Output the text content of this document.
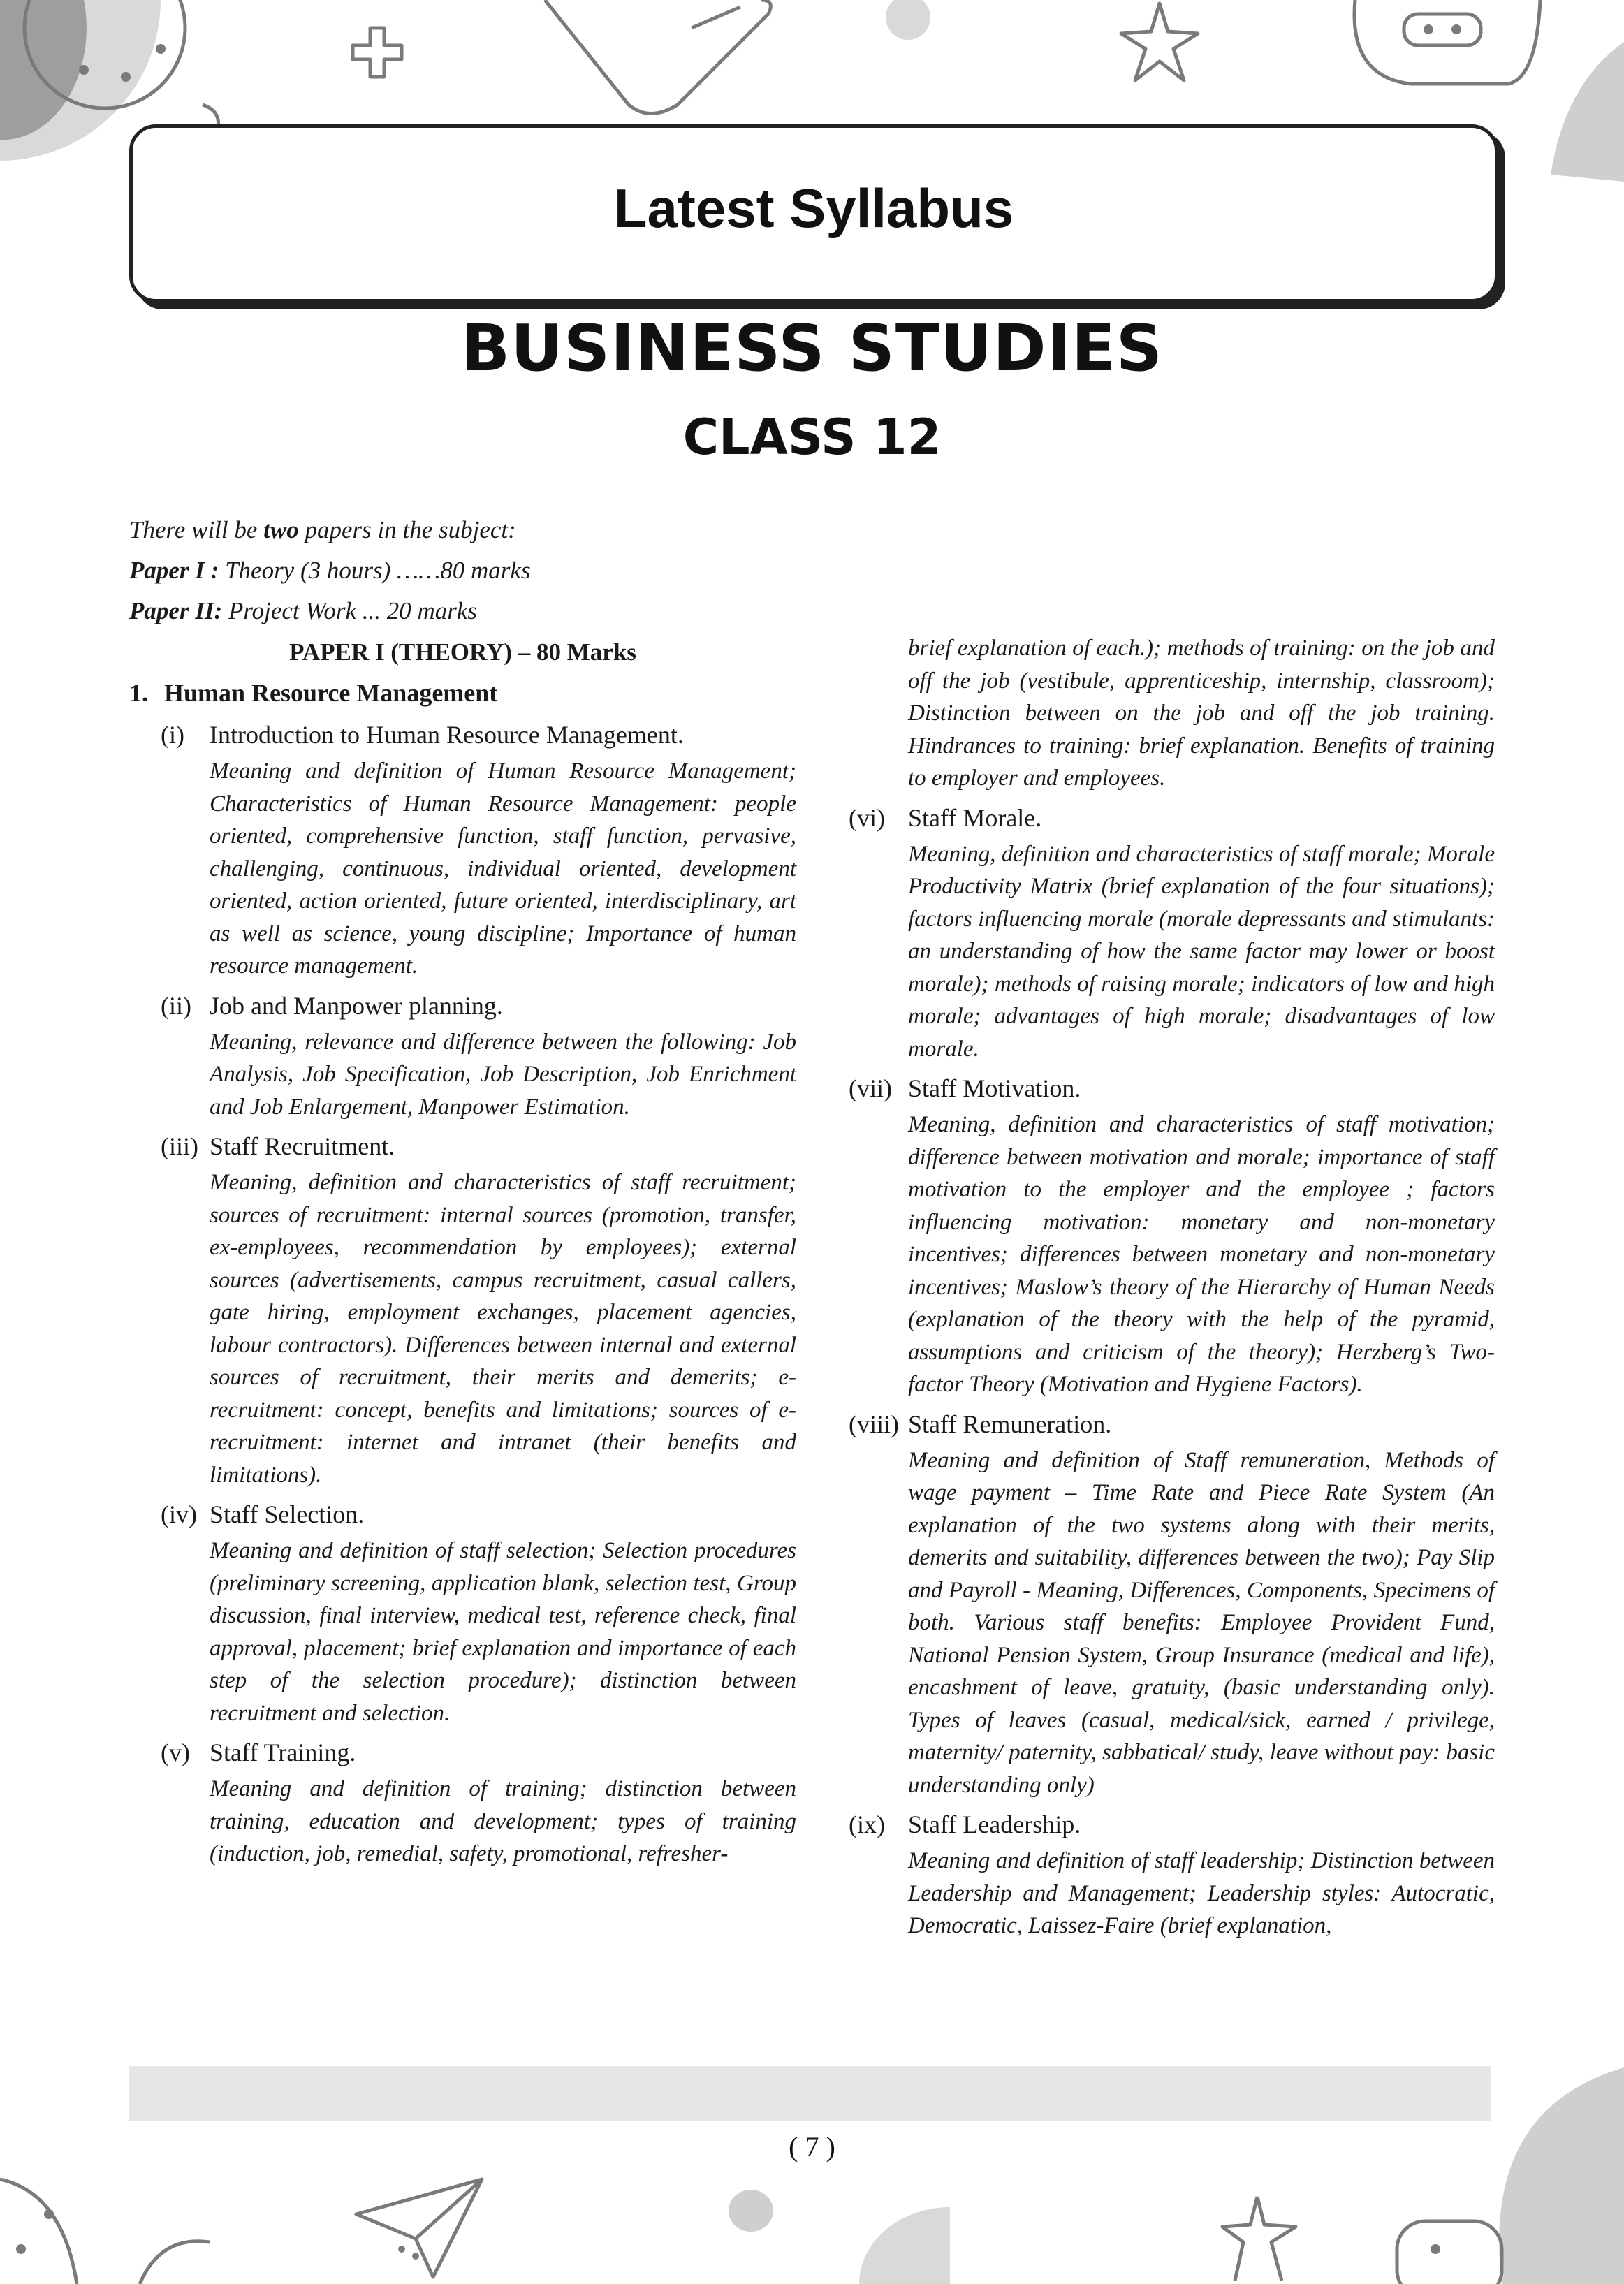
Latest Syllabus
BUSINESS STUDIES
CLASS 12

There will be two papers in the subject:

Paper I : Theory (3 hours) ……80 marks

Paper II: Project Work ... 20 marks

PAPER I (THEORY) – 80 Marks
1. Human Resource Management
(i) Introduction to Human Resource Management.
Meaning and definition of Human Resource Management; Characteristics of Human Resource Management: people oriented, comprehensive function, staff function, pervasive, challenging, continuous, individual oriented, development oriented, action oriented, future oriented, interdisciplinary, art as well as science, young discipline; Importance of human resource management.
(ii) Job and Manpower planning.
Meaning, relevance and difference between the following: Job Analysis, Job Specification, Job Description, Job Enrichment and Job Enlargement, Manpower Estimation.
(iii) Staff Recruitment.
Meaning, definition and characteristics of staff recruitment; sources of recruitment: internal sources (promotion, transfer, ex-employees, recommendation by employees); external sources (advertisements, campus recruitment, casual callers, gate hiring, employment exchanges, placement agencies, labour contractors). Differences between internal and external sources of recruitment, their merits and demerits; e-recruitment: concept, benefits and limitations; sources of e-recruitment: internet and intranet (their benefits and limitations).
(iv) Staff Selection.
Meaning and definition of staff selection; Selection procedures (preliminary screening, application blank, selection test, Group discussion, final interview, medical test, reference check, final approval, placement; brief explanation and importance of each step of the selection procedure); distinction between recruitment and selection.
(v) Staff Training.
Meaning and definition of training; distinction between training, education and development; types of training (induction, job, remedial, safety, promotional, refresher-
brief explanation of each.); methods of training: on the job and off the job (vestibule, apprenticeship, internship, classroom); Distinction between on the job and off the job training. Hindrances to training: brief explanation. Benefits of training to employer and employees.
(vi) Staff Morale.
Meaning, definition and characteristics of staff morale; Morale Productivity Matrix (brief explanation of the four situations); factors influencing morale (morale depressants and stimulants: an understanding of how the same factor may lower or boost morale); methods of raising morale; indicators of low and high morale; advantages of high morale; disadvantages of low morale.
(vii) Staff Motivation.
Meaning, definition and characteristics of staff motivation; difference between motivation and morale; importance of staff motivation to the employer and the employee ; factors influencing motivation: monetary and non-monetary incentives; differences between monetary and non-monetary incentives; Maslow’s theory of the Hierarchy of Human Needs (explanation of the theory with the help of the pyramid, assumptions and criticism of the theory); Herzberg’s Two-factor Theory (Motivation and Hygiene Factors).
(viii) Staff Remuneration.
Meaning and definition of Staff remuneration, Methods of wage payment – Time Rate and Piece Rate System (An explanation of the two systems along with their merits, demerits and suitability, differences between the two); Pay Slip and Payroll - Meaning, Differences, Components, Specimens of both. Various staff benefits: Employee Provident Fund, National Pension System, Group Insurance (medical and life), encashment of leave, gratuity, (basic understanding only). Types of leaves (casual, medical/sick, earned / privilege, maternity/ paternity, sabbatical/ study, leave without pay: basic understanding only)
(ix) Staff Leadership.
Meaning and definition of staff leadership; Distinction between Leadership and Management; Leadership styles: Autocratic, Democratic, Laissez-Faire (brief explanation,
( 7 )
